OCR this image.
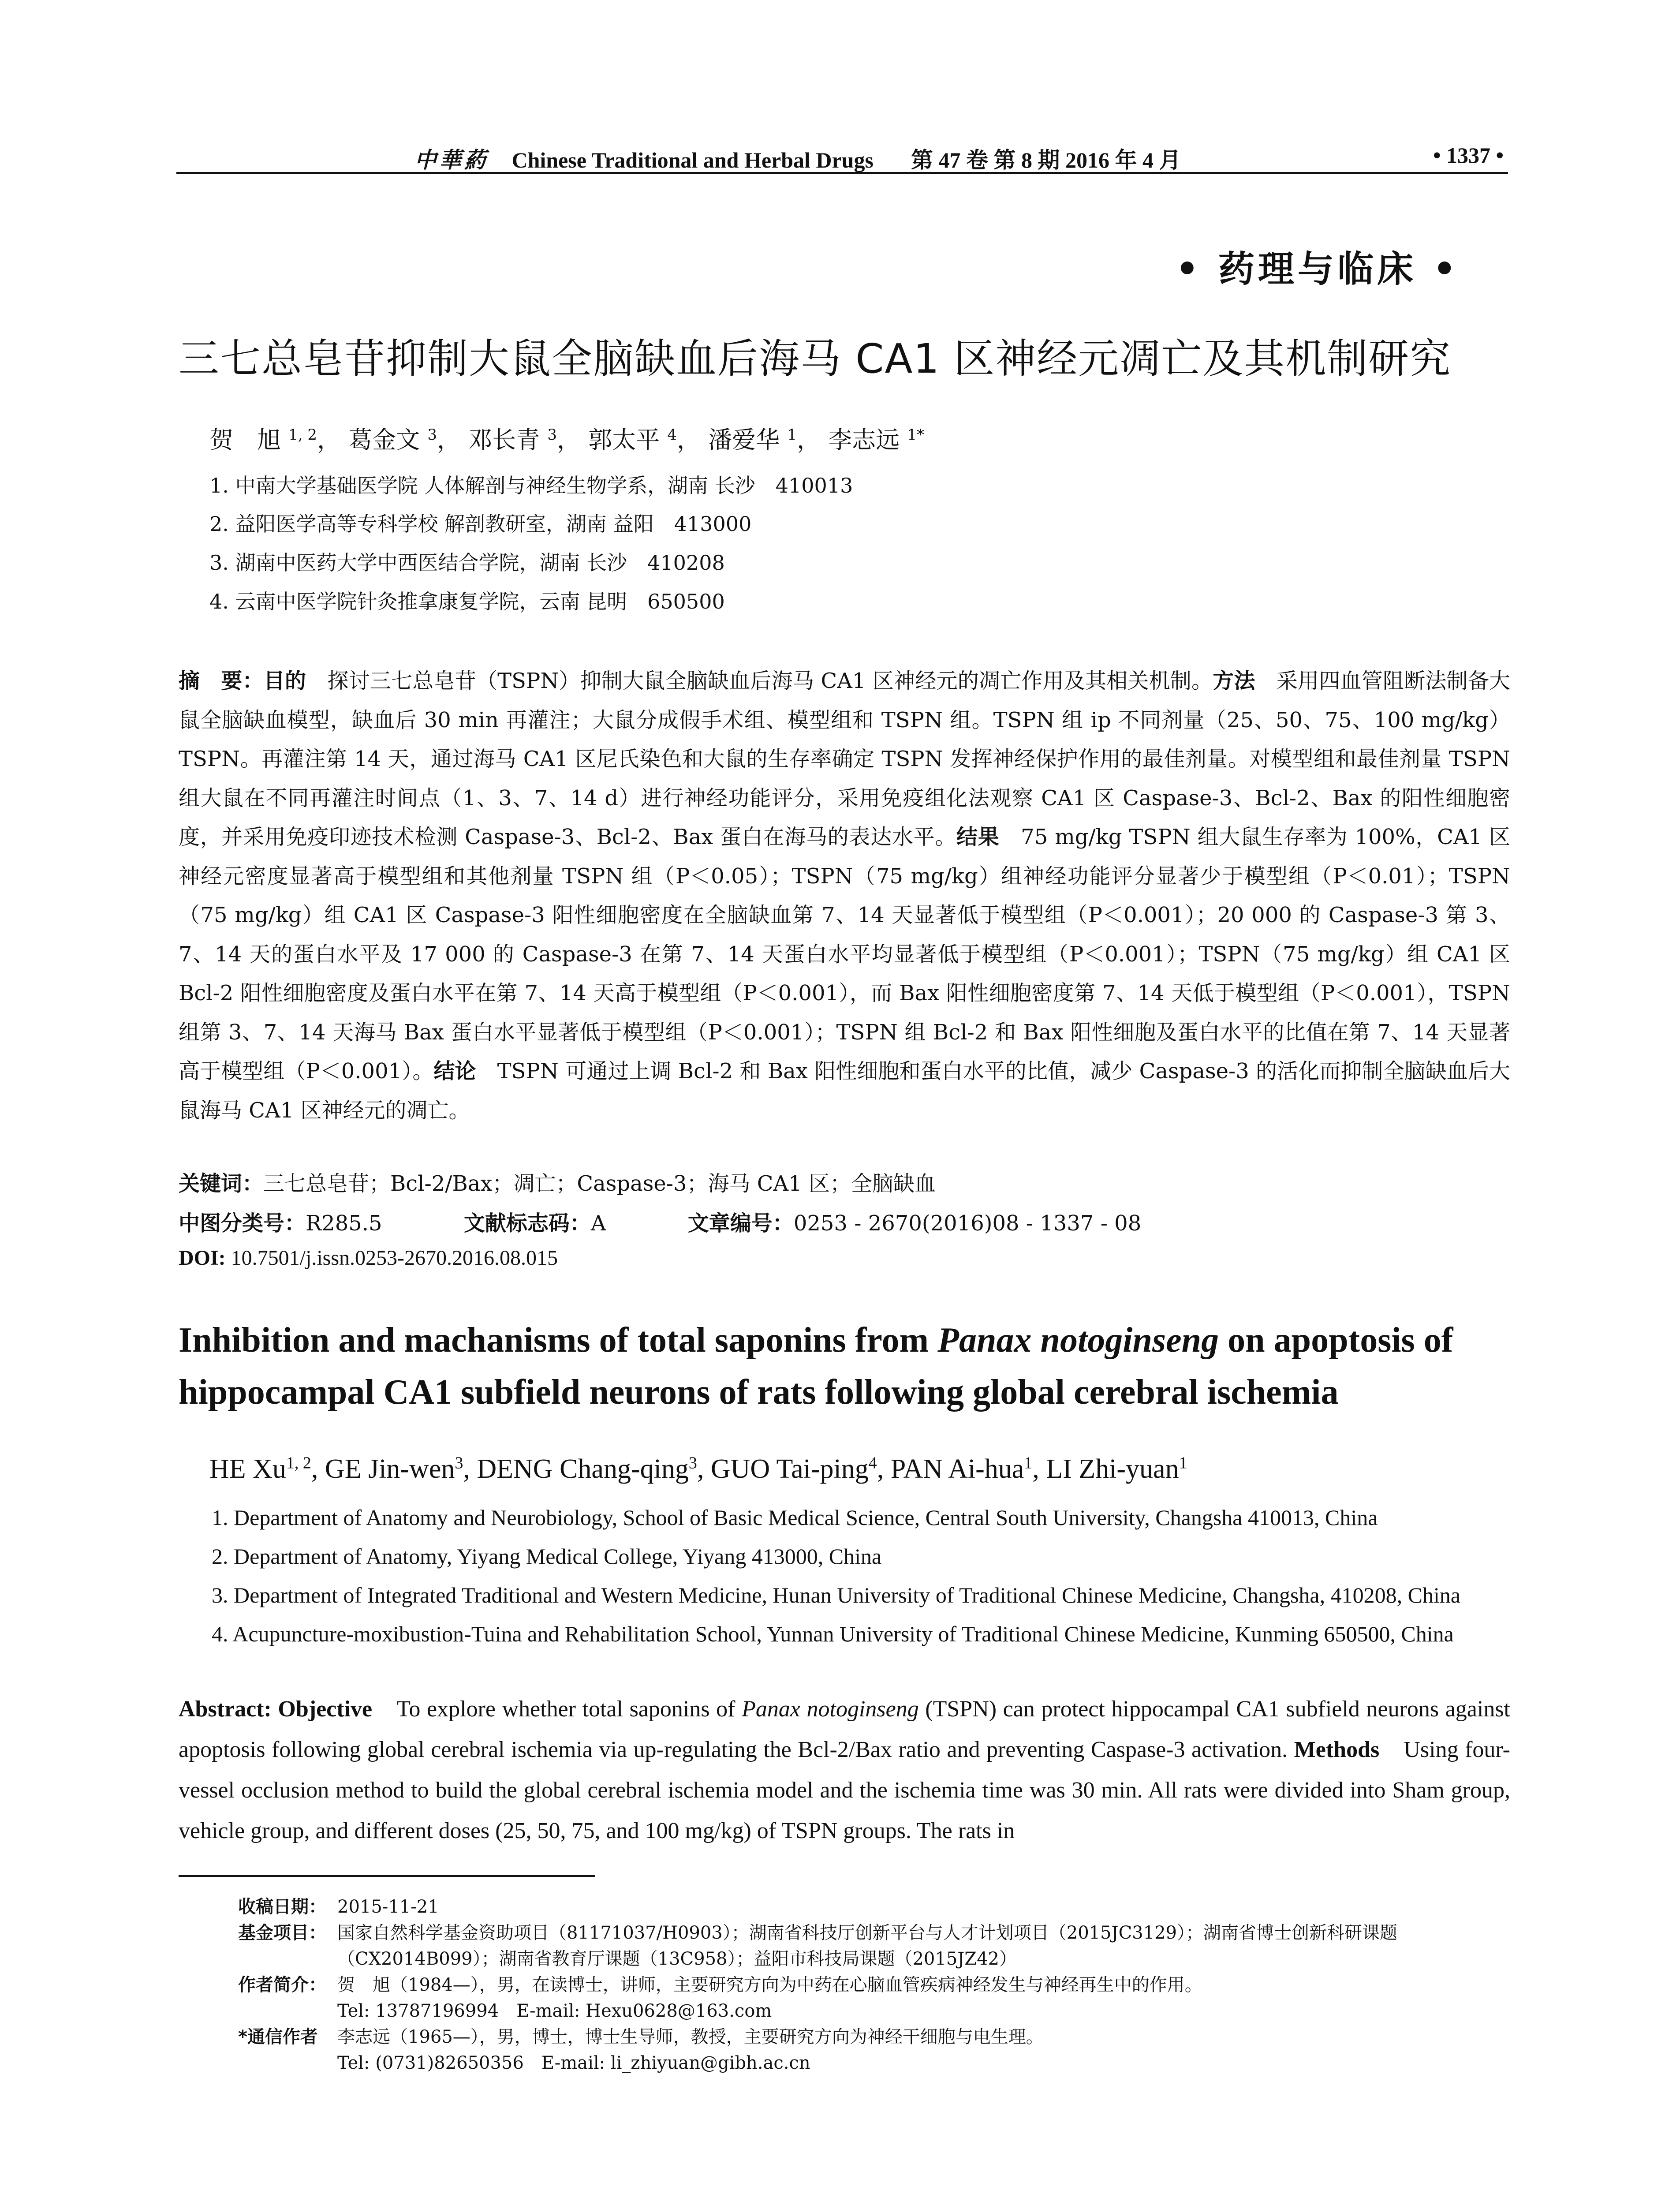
中華葯 Chinese Traditional and Herbal Drugs 第 47 卷 第 8 期 2016 年 4 月	• 1337 •
• 药理与临床 •
三七总皂苷抑制大鼠全脑缺血后海马 CA1 区神经元凋亡及其机制研究
贺　旭 $^{1, 2}$， 葛金文 $^3$， 邓长青 $^3$， 郭太平 $^4$， 潘爱华 $^1$， 李志远 $^{1*}$
1. 中南大学基础医学院 人体解剖与神经生物学系，湖南 长沙　410013
2. 益阳医学高等专科学校 解剖教研室，湖南 益阳　413000
3. 湖南中医药大学中西医结合学院，湖南 长沙　410208
4. 云南中医学院针灸推拿康复学院，云南 昆明　650500
摘　要：目的　探讨三七总皂苷（TSPN）抑制大鼠全脑缺血后海马 CA1 区神经元的凋亡作用及其相关机制。方法　采用四血管阻断法制备大鼠全脑缺血模型，缺血后 30 min 再灌注；大鼠分成假手术组、模型组和 TSPN 组。TSPN 组 ip 不同剂量（25、50、75、100 mg/kg）TSPN。再灌注第 14 天，通过海马 CA1 区尼氏染色和大鼠的生存率确定 TSPN 发挥神经保护作用的最佳剂量。对模型组和最佳剂量 TSPN 组大鼠在不同再灌注时间点（1、3、7、14 d）进行神经功能评分，采用免疫组化法观察 CA1 区 Caspase-3、Bcl-2、Bax 的阳性细胞密度，并采用免疫印迹技术检测 Caspase-3、Bcl-2、Bax 蛋白在海马的表达水平。结果　75 mg/kg TSPN 组大鼠生存率为 100%，CA1 区神经元密度显著高于模型组和其他剂量 TSPN 组（P＜0.05）；TSPN（75 mg/kg）组神经功能评分显著少于模型组（P＜0.01）；TSPN（75 mg/kg）组 CA1 区 Caspase-3 阳性细胞密度在全脑缺血第 7、14 天显著低于模型组（P＜0.001）；20 000 的 Caspase-3 第 3、7、14 天的蛋白水平及 17 000 的 Caspase-3 在第 7、14 天蛋白水平均显著低于模型组（P＜0.001）；TSPN（75 mg/kg）组 CA1 区 Bcl-2 阳性细胞密度及蛋白水平在第 7、14 天高于模型组（P＜0.001），而 Bax 阳性细胞密度第 7、14 天低于模型组（P＜0.001），TSPN 组第 3、7、14 天海马 Bax 蛋白水平显著低于模型组（P＜0.001）；TSPN 组 Bcl-2 和 Bax 阳性细胞及蛋白水平的比值在第 7、14 天显著高于模型组（P＜0.001）。结论　TSPN 可通过上调 Bcl-2 和 Bax 阳性细胞和蛋白水平的比值，减少 Caspase-3 的活化而抑制全脑缺血后大鼠海马 CA1 区神经元的凋亡。
关键词：三七总皂苷；Bcl-2/Bax；凋亡；Caspase-3；海马 CA1 区；全脑缺血
中图分类号：R285.5	文献标志码：A	文章编号：0253 - 2670(2016)08 - 1337 - 08
DOI: 10.7501/j.issn.0253-2670.2016.08.015
Inhibition and machanisms of total saponins from Panax notoginseng on apoptosis of hippocampal CA1 subfield neurons of rats following global cerebral ischemia
HE Xu$^{1, 2}$, GE Jin-wen$^3$, DENG Chang-qing$^3$, GUO Tai-ping$^4$, PAN Ai-hua$^1$, LI Zhi-yuan$^1$
1. Department of Anatomy and Neurobiology, School of Basic Medical Science, Central South University, Changsha 410013, China
2. Department of Anatomy, Yiyang Medical College, Yiyang 413000, China
3. Department of Integrated Traditional and Western Medicine, Hunan University of Traditional Chinese Medicine, Changsha, 410208, China
4. Acupuncture-moxibustion-Tuina and Rehabilitation School, Yunnan University of Traditional Chinese Medicine, Kunming 650500, China
Abstract: Objective　To explore whether total saponins of Panax notoginseng (TSPN) can protect hippocampal CA1 subfield neurons against apoptosis following global cerebral ischemia via up-regulating the Bcl-2/Bax ratio and preventing Caspase-3 activation. Methods　Using four-vessel occlusion method to build the global cerebral ischemia model and the ischemia time was 30 min. All rats were divided into Sham group, vehicle group, and different doses (25, 50, 75, and 100 mg/kg) of TSPN groups. The rats in
收稿日期： 2015-11-21
基金项目： 国家自然科学基金资助项目（81171037/H0903）；湖南省科技厅创新平台与人才计划项目（2015JC3129）；湖南省博士创新科研课题（CX2014B099）；湖南省教育厅课题（13C958）；益阳市科技局课题（2015JZ42）
作者简介： 贺　旭（1984—），男，在读博士，讲师，主要研究方向为中药在心脑血管疾病神经发生与神经再生中的作用。
Tel: 13787196994　E-mail: Hexu0628@163.com
*通信作者	李志远（1965—），男，博士，博士生导师，教授，主要研究方向为神经干细胞与电生理。
Tel: (0731)82650356　E-mail: li_zhiyuan@gibh.ac.cn
